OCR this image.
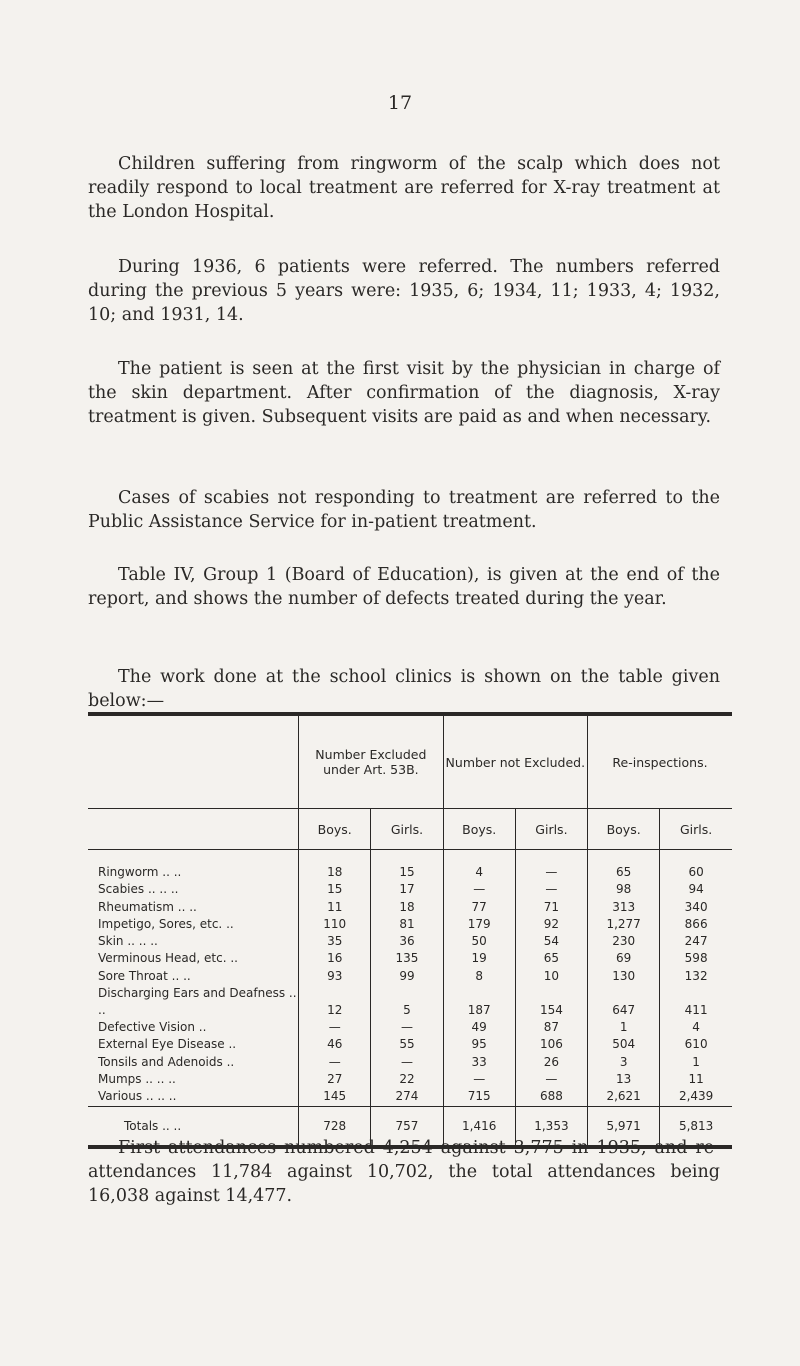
17

Children suffering from ringworm of the scalp which does not readily respond to local treatment are referred for X-ray treatment at the London Hospital.

During 1936, 6 patients were referred. The numbers referred during the previous 5 years were: 1935, 6; 1934, 11; 1933, 4; 1932, 10; and 1931, 14.

The patient is seen at the first visit by the physician in charge of the skin department. After confirmation of the diagnosis, X-ray treatment is given. Subsequent visits are paid as and when necessary.

Cases of scabies not responding to treatment are referred to the Public Assistance Service for in-patient treatment.

Table IV, Group 1 (Board of Education), is given at the end of the report, and shows the number of defects treated during the year.

The work done at the school clinics is shown on the table given below:—

	Number Excluded under Art. 53B.		Number not Excluded.		Re-inspections.	
	Boys.	Girls.	Boys.	Girls.	Boys.	Girls.

Ringworm .. ..	18	15	4	—	65	60
Scabies .. .. ..	15	17	—	—	98	94
Rheumatism .. ..	11	18	77	71	313	340
Impetigo, Sores, etc. ..	110	81	179	92	1,277	866
Skin .. .. ..	35	36	50	54	230	247
Verminous Head, etc. ..	16	135	19	65	69	598
Sore Throat .. ..	93	99	8	10	130	132
Discharging Ears and Deafness .. ..	12	5	187	154	647	411
Defective Vision ..	—	—	49	87	1	4
External Eye Disease ..	46	55	95	106	504	610
Tonsils and Adenoids ..	—	—	33	26	3	1
Mumps .. .. ..	27	22	—	—	13	11
Various .. .. ..	145	274	715	688	2,621	2,439
Totals .. ..	728	757	1,416	1,353	5,971	5,813

First attendances numbered 4,254 against 3,775 in 1935, and re-attendances 11,784 against 10,702, the total attendances being 16,038 against 14,477.
